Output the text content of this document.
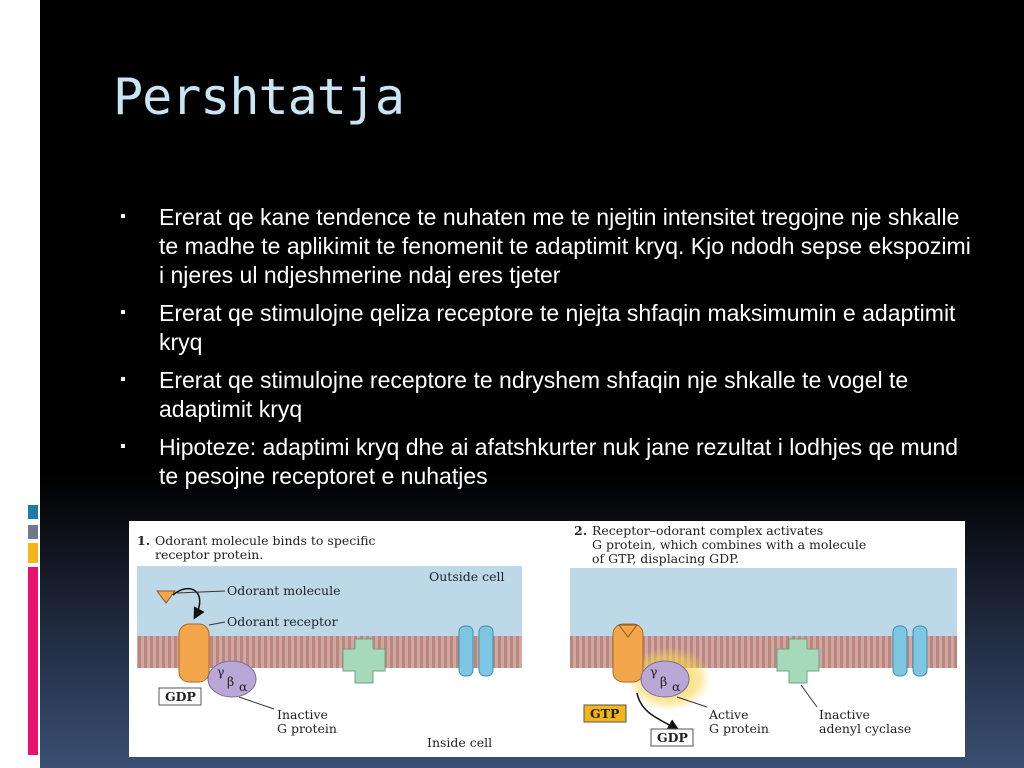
Pershtatja
▪ Ererat qe kane tendence te nuhaten me te njejtin intensitet tregojne nje shkalle te madhe te aplikimit te fenomenit te adaptimit kryq. Kjo ndodh sepse ekspozimi i njeres ul ndjeshmerine ndaj eres tjeter
▪ Ererat qe stimulojne qeliza receptore te njejta shfaqin maksimumin e adaptimit kryq
▪ Ererat qe stimulojne receptore te ndryshem shfaqin nje shkalle te vogel te adaptimit kryq
▪ Hipoteze: adaptimi kryq dhe ai afatshkurter nuk jane rezultat i lodhjes qe mund te pesojne receptoret e nuhatjes
1. Odorant molecule binds to specific
receptor protein.
Outside cell
Inside cell
Odorant molecule
Odorant receptor
γ
β α
GDP
Inactive
G protein
2. Receptor–odorant complex activates
G protein, which combines with a molecule
of GTP, displacing GDP.
γ
β α
GTP
GDP
Active
G protein
Inactive
adenyl cyclase
